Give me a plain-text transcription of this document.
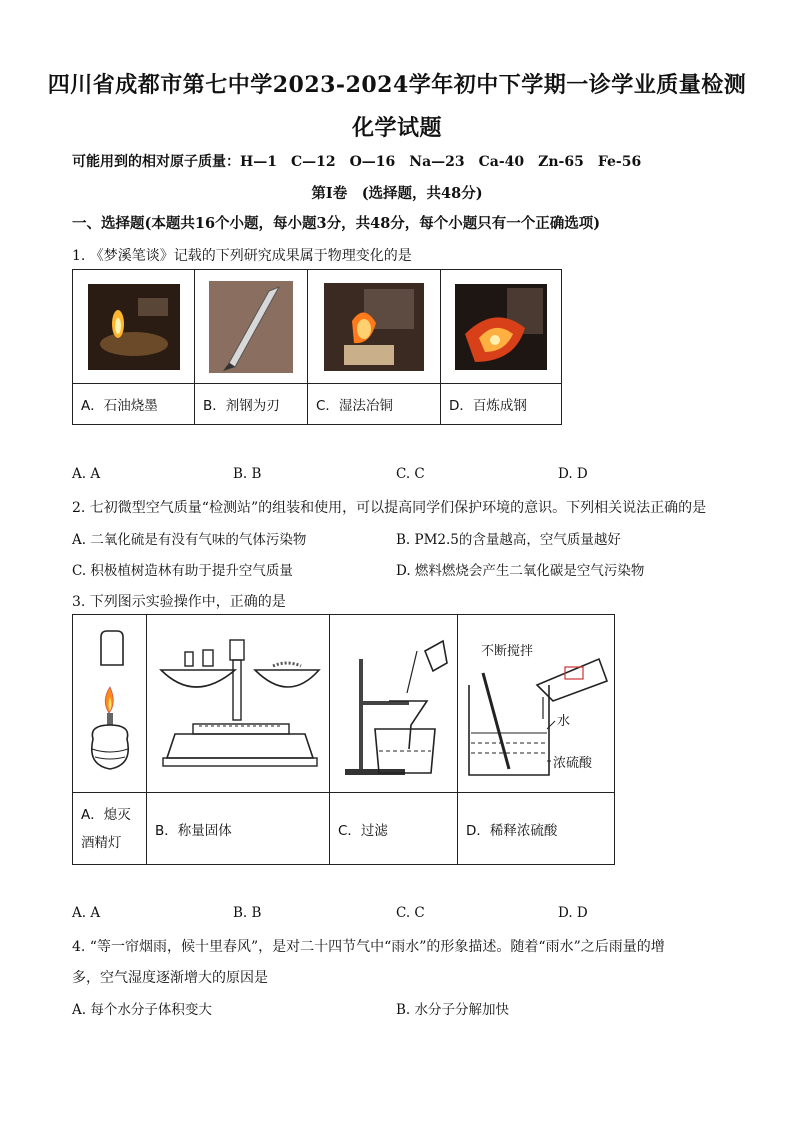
四川省成都市第七中学2023-2024学年初中下学期一诊学业质量检测
化学试题
可能用到的相对原子质量：H—1　C—12　O—16　Na—23　Ca-40　Zn-65　Fe-56
第Ⅰ卷　(选择题，共48分)
一、选择题(本题共16个小题，每小题3分，共48分，每个小题只有一个正确选项)
1. 《梦溪笔谈》记载的下列研究成果属于物理变化的是

A．石油烧墨	B．剂钢为刃	C．湿法冶铜	D．百炼成钢
A. A	B. B	C. C	D. D
2. 七初微型空气质量“检测站”的组装和使用，可以提高同学们保护环境的意识。下列相关说法正确的是
A. 二氧化硫是有没有气味的气体污染物	B. PM2.5的含量越高，空气质量越好
C. 积极植树造林有助于提升空气质量	D. 燃料燃烧会产生二氧化碳是空气污染物
3. 下列图示实验操作中，正确的是

不断搅拌
水
浓硫酸

A．熄灭
酒精灯	B．称量固体	C．过滤	D．稀释浓硫酸
A. A	B. B	C. C	D. D
4. “等一帘烟雨，候十里春风”，是对二十四节气中“雨水”的形象描述。随着“雨水”之后雨量的增
多，空气湿度逐渐增大的原因是
A. 每个水分子体积变大	B. 水分子分解加快
